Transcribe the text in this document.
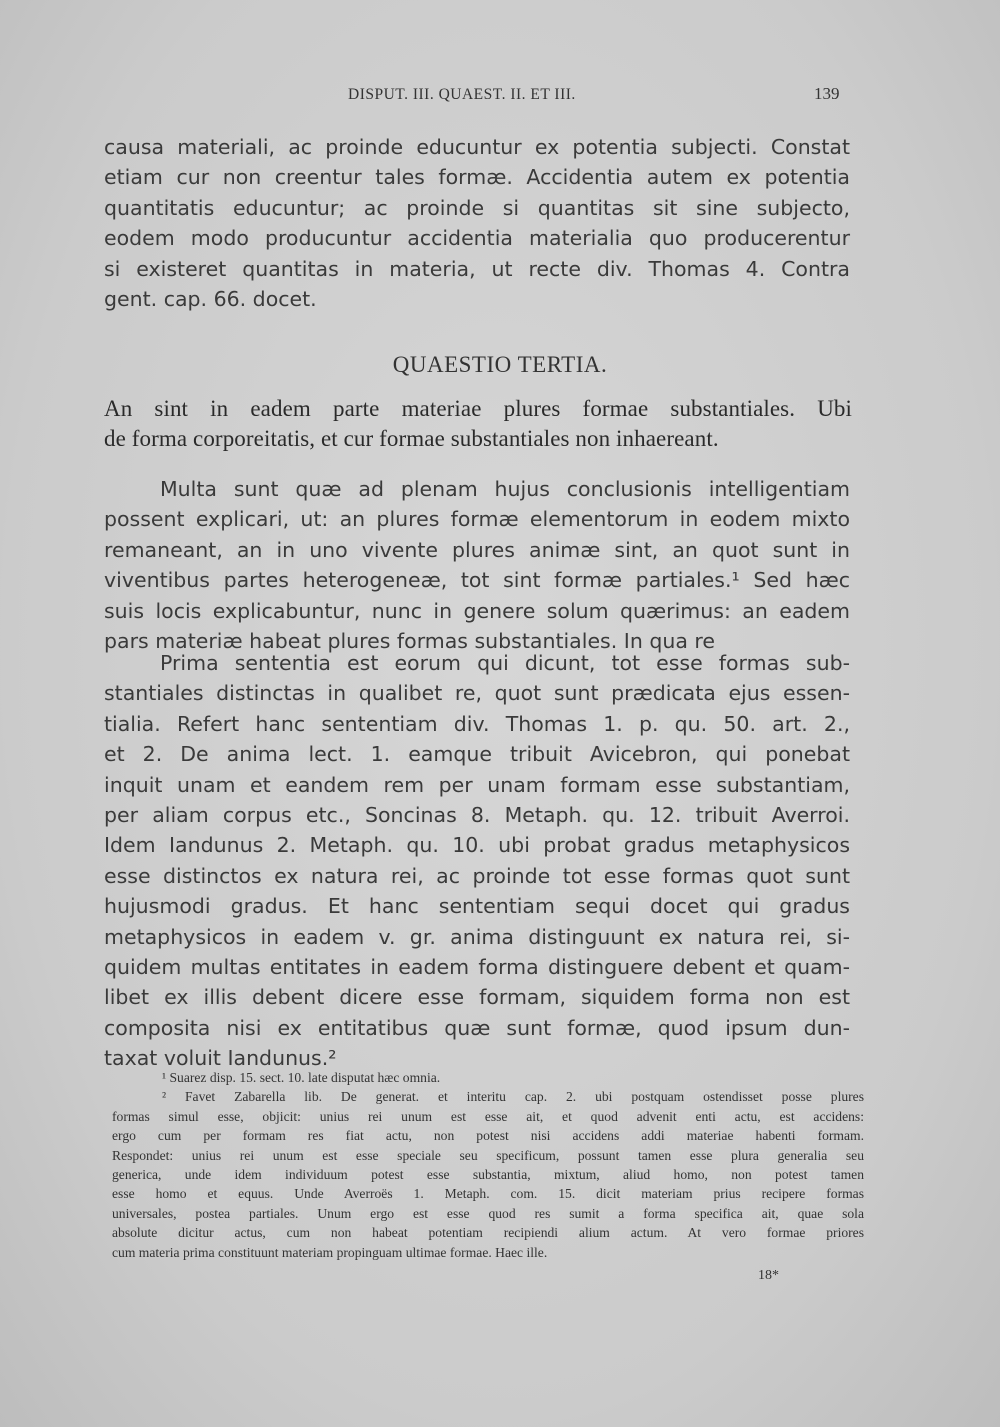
DISPUT. III. QUAEST. II. ET III.	139
causa materiali, ac proinde educuntur ex potentia subjecti. Constat
etiam cur non creentur tales formæ. Accidentia autem ex potentia
quantitatis educuntur; ac proinde si quantitas sit sine subjecto,
eodem modo producuntur accidentia materialia quo producerentur
si existeret quantitas in materia, ut recte div. Thomas 4. Contra
gent. cap. 66. docet.
QUAESTIO TERTIA.
An sint in eadem parte materiae plures formae substantiales. Ubi
de forma corporeitatis, et cur formae substantiales non inhaereant.
Multa sunt quæ ad plenam hujus conclusionis intelligentiam
possent explicari, ut: an plures formæ elementorum in eodem mixto
remaneant, an in uno vivente plures animæ sint, an quot sunt in
viventibus partes heterogeneæ, tot sint formæ partiales.¹ Sed hæc
suis locis explicabuntur, nunc in genere solum quærimus: an eadem
pars materiæ habeat plures formas substantiales. In qua re
Prima sententia est eorum qui dicunt, tot esse formas sub-
stantiales distinctas in qualibet re, quot sunt prædicata ejus essen-
tialia. Refert hanc sententiam div. Thomas 1. p. qu. 50. art. 2.,
et 2. De anima lect. 1. eamque tribuit Avicebron, qui ponebat
inquit unam et eandem rem per unam formam esse substantiam,
per aliam corpus etc., Soncinas 8. Metaph. qu. 12. tribuit Averroi.
Idem Iandunus 2. Metaph. qu. 10. ubi probat gradus metaphysicos
esse distinctos ex natura rei, ac proinde tot esse formas quot sunt
hujusmodi gradus. Et hanc sententiam sequi docet qui gradus
metaphysicos in eadem v. gr. anima distinguunt ex natura rei, si-
quidem multas entitates in eadem forma distinguere debent et quam-
libet ex illis debent dicere esse formam, siquidem forma non est
composita nisi ex entitatibus quæ sunt formæ, quod ipsum dun-
taxat voluit Iandunus.²
¹ Suarez disp. 15. sect. 10. late disputat hæc omnia.
² Favet Zabarella lib. De generat. et interitu cap. 2. ubi postquam ostendisset posse plures
formas simul esse, objicit: unius rei unum est esse ait, et quod advenit enti actu, est accidens:
ergo cum per formam res fiat actu, non potest nisi accidens addi materiae habenti formam.
Respondet: unius rei unum est esse speciale seu specificum, possunt tamen esse plura generalia seu
generica, unde idem individuum potest esse substantia, mixtum, aliud homo, non potest tamen
esse homo et equus. Unde Averroës 1. Metaph. com. 15. dicit materiam prius recipere formas
universales, postea partiales. Unum ergo est esse quod res sumit a forma specifica ait, quae sola
absolute dicitur actus, cum non habeat potentiam recipiendi alium actum. At vero formae priores
cum materia prima constituunt materiam propinguam ultimae formae. Haec ille.
18*
